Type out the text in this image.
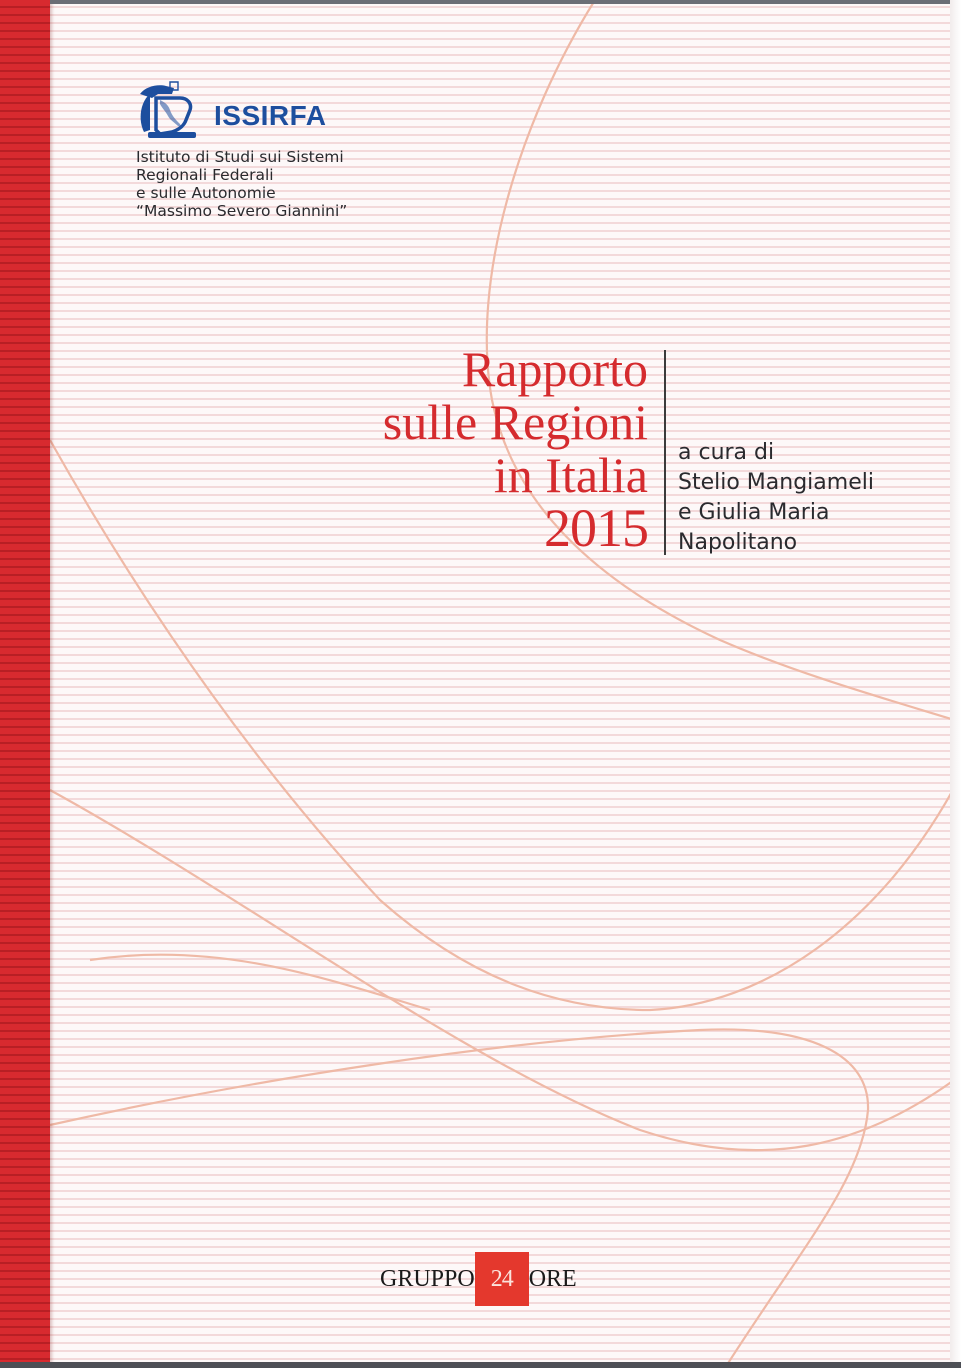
ISSIRFA
Istituto di Studi sui Sistemi
Regionali Federali
e sulle Autonomie
“Massimo Severo Giannini”
Rapporto
sulle Regioni
in Italia
2015
a cura di
Stelio Mangiameli
e Giulia Maria
Napolitano
GRUPPO 24 ORE
